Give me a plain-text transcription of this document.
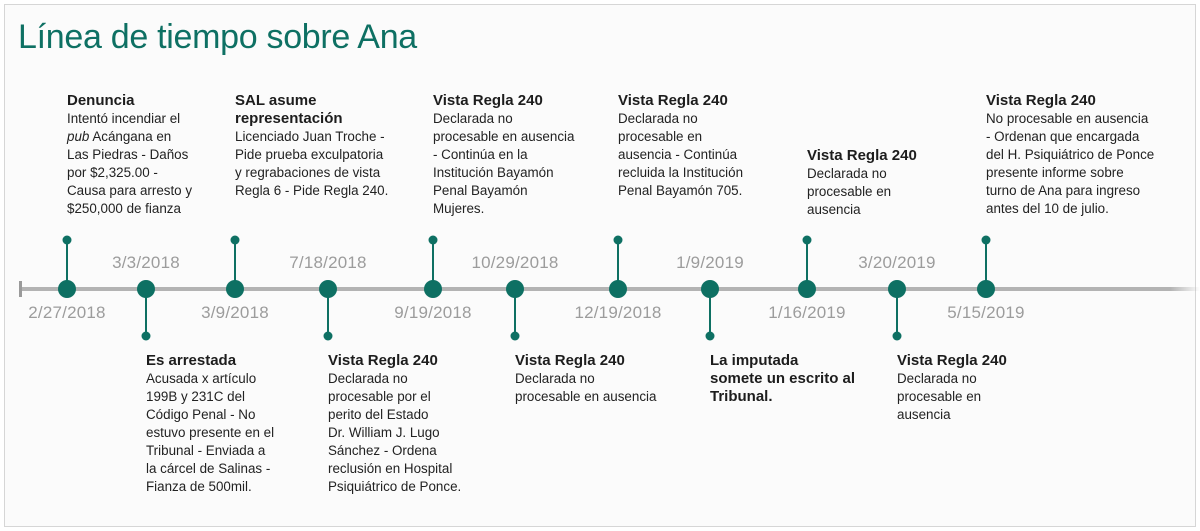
Línea de tiempo sobre Ana
2/27/2018
Denuncia
Intentó incendiar el
pub Acángana en
Las Piedras - Daños
por $2,325.00 -
Causa para arresto y
$250,000 de fianza
3/3/2018
Es arrestada
Acusada x artículo
199B y 231C del
Código Penal - No
estuvo presente en el
Tribunal - Enviada a
la cárcel de Salinas -
Fianza de 500mil.
3/9/2018
SAL asume
representación
Licenciado Juan Troche -
Pide prueba exculpatoria
y regrabaciones de vista
Regla 6 - Pide Regla 240.
7/18/2018
Vista Regla 240
Declarada no
procesable por el
perito del Estado
Dr. William J. Lugo
Sánchez - Ordena
reclusión en Hospital
Psiquiátrico de Ponce.
9/19/2018
Vista Regla 240
Declarada no
procesable en ausencia
- Continúa en la
Institución Bayamón
Penal Bayamón
Mujeres.
10/29/2018
Vista Regla 240
Declarada no
procesable en ausencia
12/19/2018
Vista Regla 240
Declarada no
procesable en
ausencia - Continúa
recluida la Institución
Penal Bayamón 705.
1/9/2019
La imputada
somete un escrito al
Tribunal.
1/16/2019
Vista Regla 240
Declarada no
procesable en
ausencia
3/20/2019
Vista Regla 240
Declarada no
procesable en
ausencia
5/15/2019
Vista Regla 240
No procesable en ausencia
- Ordenan que encargada
del H. Psiquiátrico de Ponce
presente informe sobre
turno de Ana para ingreso
antes del 10 de julio.
